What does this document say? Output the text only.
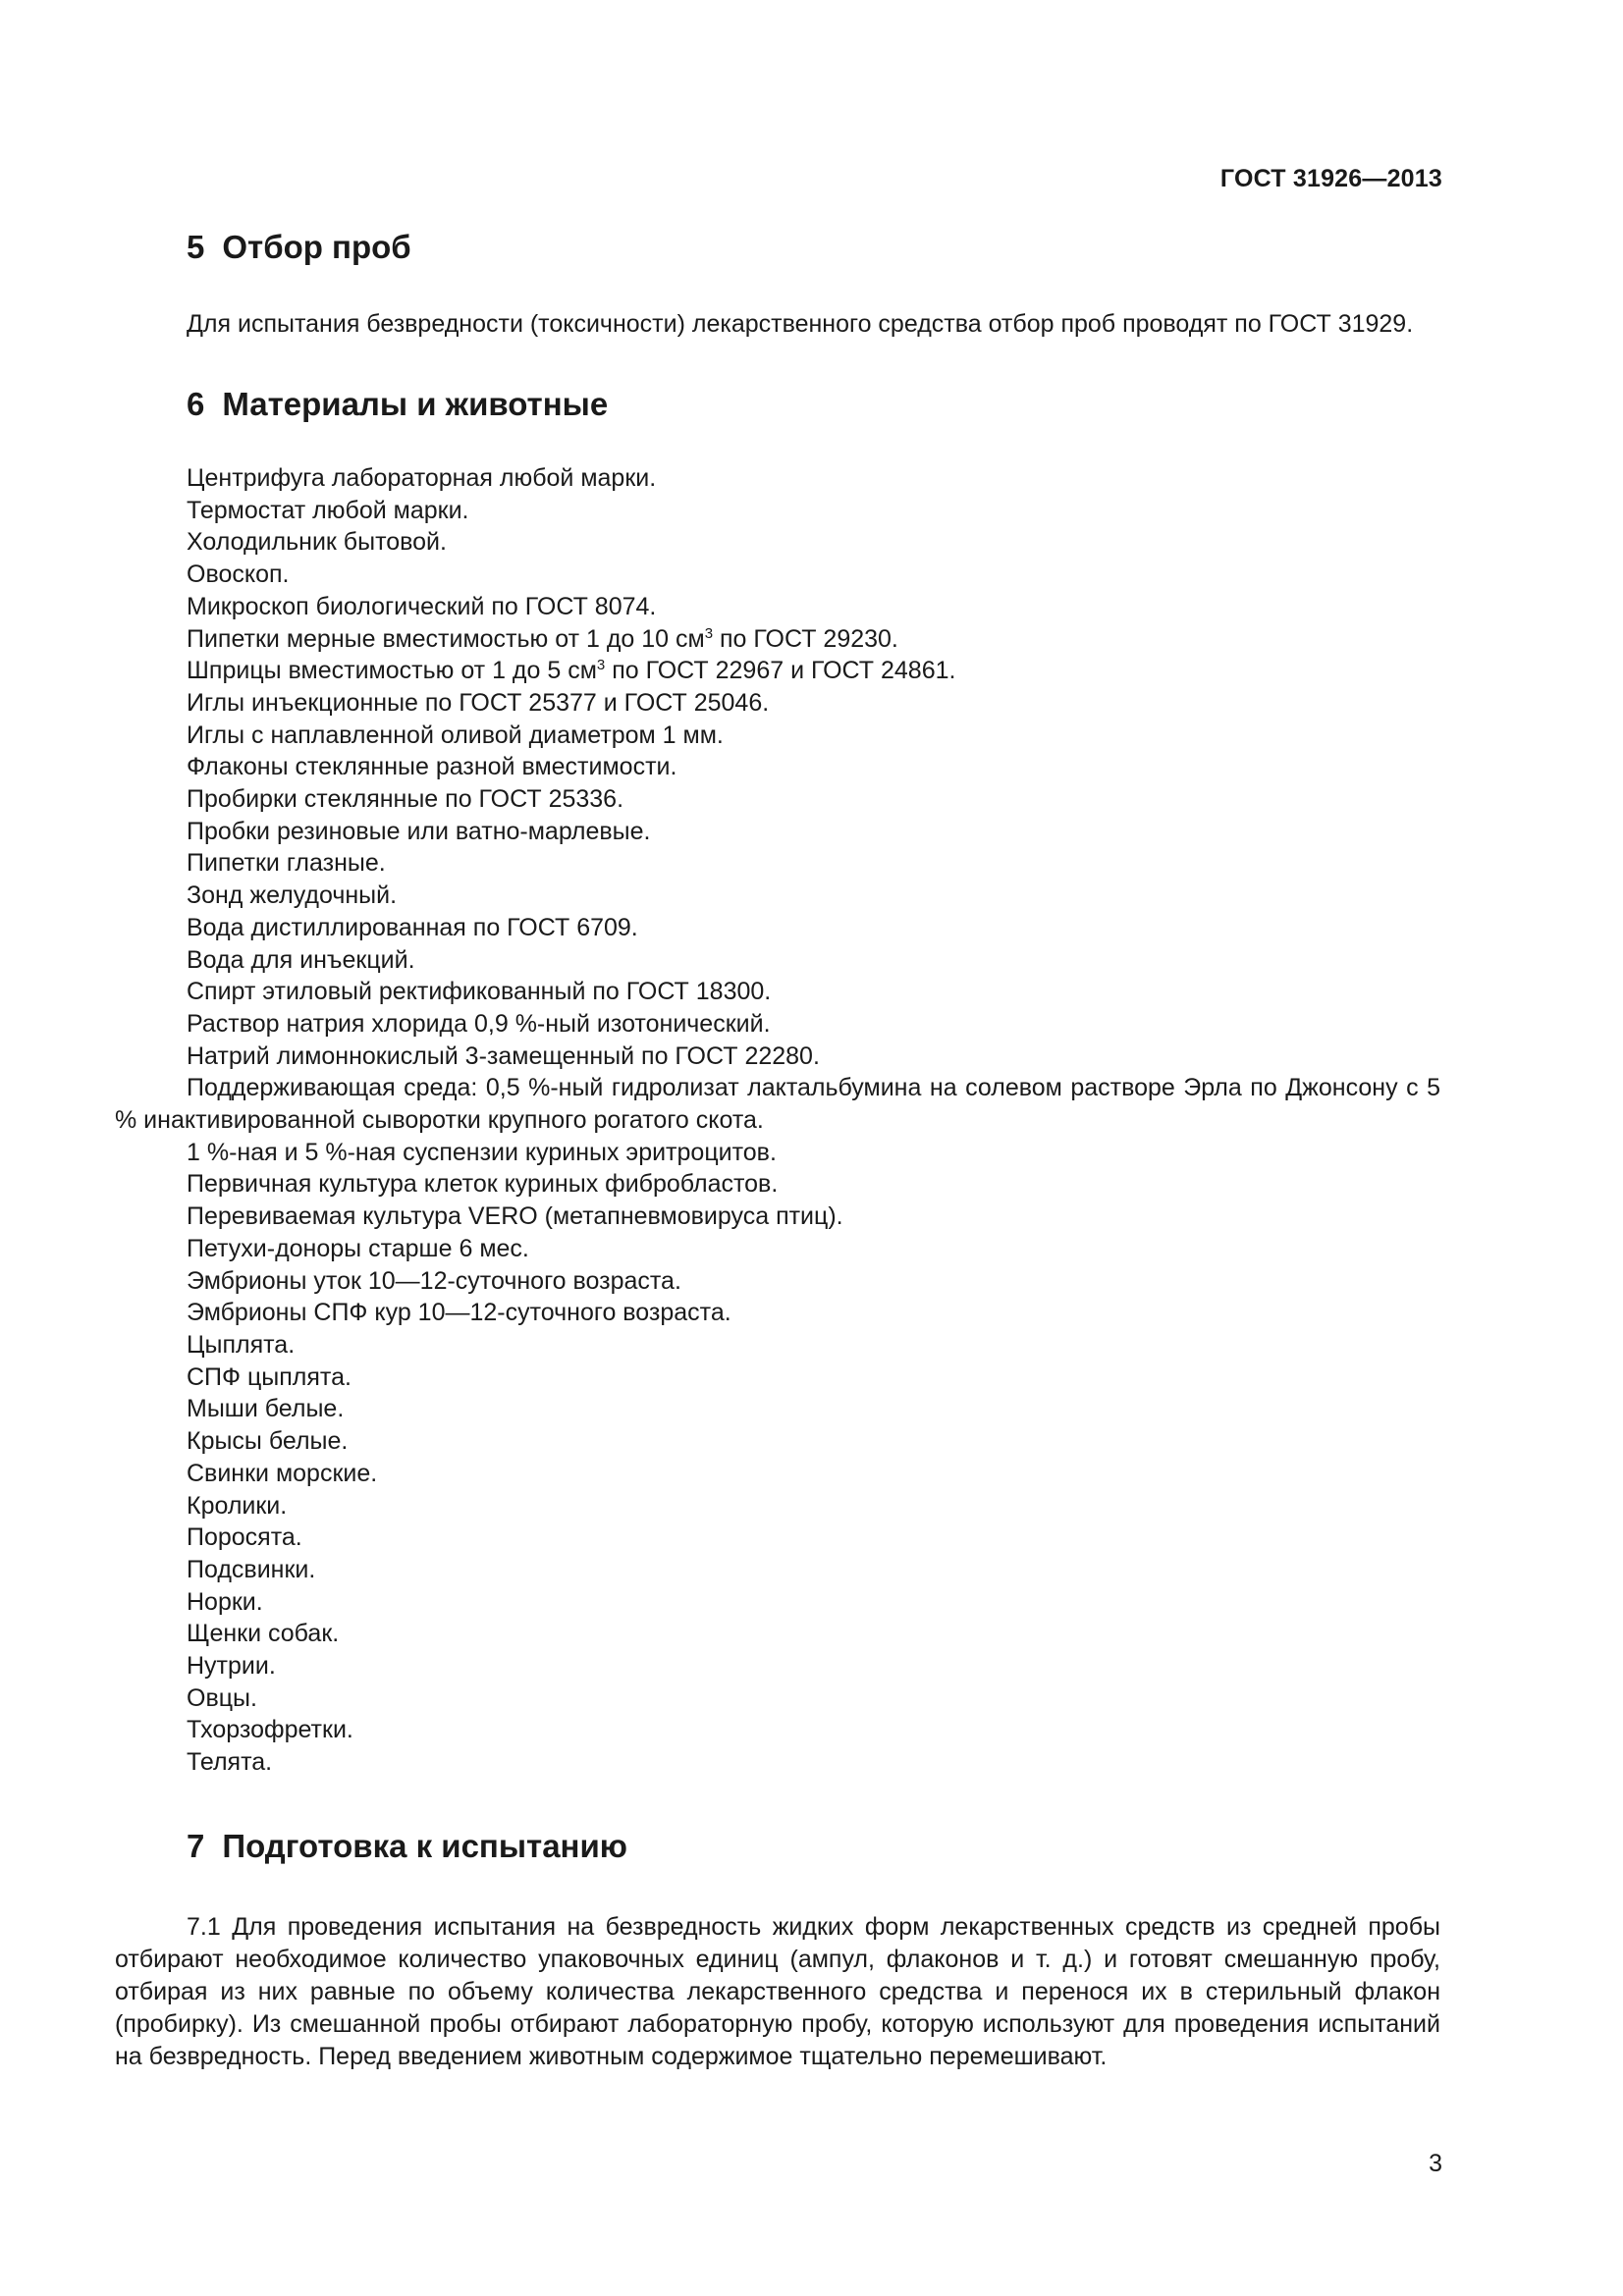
ГОСТ 31926—2013
5 Отбор проб

Для испытания безвредности (токсичности) лекарственного средства отбор проб проводят по ГОСТ 31929.

6 Материалы и животные
Центрифуга лабораторная любой марки.
Термостат любой марки.
Холодильник бытовой.
Овоскоп.
Микроскоп биологический по ГОСТ 8074.
Пипетки мерные вместимостью от 1 до 10 $см^3$ по ГОСТ 29230.
Шприцы вместимостью от 1 до 5 $см^3$ по ГОСТ 22967 и ГОСТ 24861.
Иглы инъекционные по ГОСТ 25377 и ГОСТ 25046.
Иглы с наплавленной оливой диаметром 1 мм.
Флаконы стеклянные разной вместимости.
Пробирки стеклянные по ГОСТ 25336.
Пробки резиновые или ватно-марлевые.
Пипетки глазные.
Зонд желудочный.
Вода дистиллированная по ГОСТ 6709.
Вода для инъекций.
Спирт этиловый ректификованный по ГОСТ 18300.
Раствор натрия хлорида 0,9 %-ный изотонический.
Натрий лимоннокислый 3-замещенный по ГОСТ 22280.
Поддерживающая среда: 0,5 %-ный гидролизат лактальбумина на солевом растворе Эрла по Джонсону с 5 % инактивированной сыворотки крупного рогатого скота.
1 %-ная и 5 %-ная суспензии куриных эритроцитов.
Первичная культура клеток куриных фибробластов.
Перевиваемая культура VERO (метапневмовируса птиц).
Петухи-доноры старше 6 мес.
Эмбрионы уток 10—12-суточного возраста.
Эмбрионы СПФ кур 10—12-суточного возраста.
Цыплята.
СПФ цыплята.
Мыши белые.
Крысы белые.
Свинки морские.
Кролики.
Поросята.
Подсвинки.
Норки.
Щенки собак.
Нутрии.
Овцы.
Тхорзофретки.
Телята.
7 Подготовка к испытанию

7.1 Для проведения испытания на безвредность жидких форм лекарственных средств из средней пробы отбирают необходимое количество упаковочных единиц (ампул, флаконов и т. д.) и готовят смешанную пробу, отбирая из них равные по объему количества лекарственного средства и перенося их в стерильный флакон (пробирку). Из смешанной пробы отбирают лабораторную пробу, которую используют для проведения испытаний на безвредность. Перед введением животным содержимое тщательно перемешивают.

3
